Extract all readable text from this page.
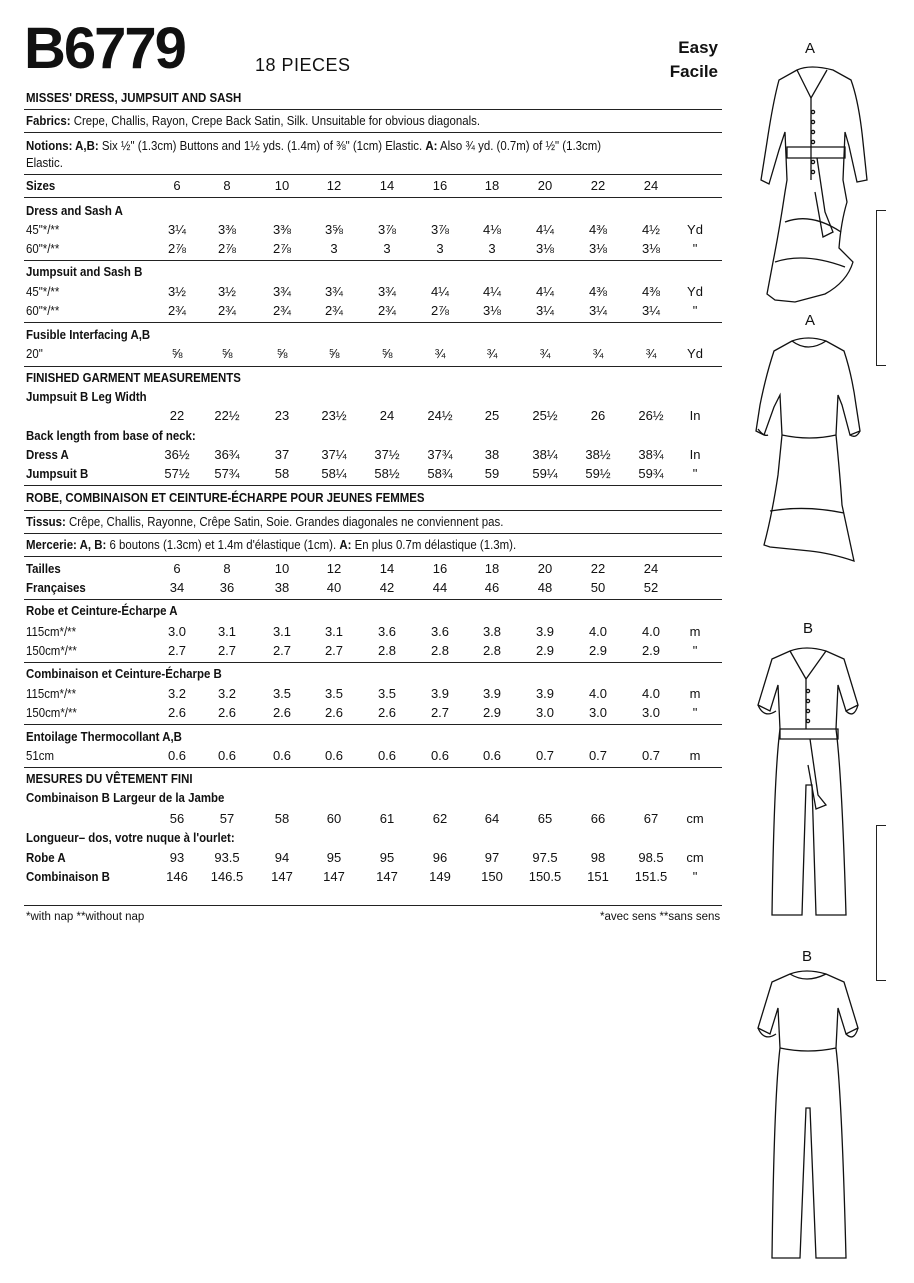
B6779	18 PIECES
Easy
Facile
MISSES' DRESS, JUMPSUIT AND SASH
Fabrics: Crepe, Challis, Rayon, Crepe Back Satin, Silk. Unsuitable for obvious diagonals.
Notions: A,B: Six ½" (1.3cm) Buttons and 1½ yds. (1.4m) of ⅜" (1cm) Elastic. A: Also ¾ yd. (0.7m) of ½" (1.3cm)
Elastic.
Sizes	6	8	10	12	14	16	18	20	22	24
Dress and Sash A
45"*/**	3¼	3⅜	3⅜	3⅝	3⅞	3⅞	4⅛	4¼	4⅜	4½	Yd
60"*/**	2⅞	2⅞	2⅞	3	3	3	3	3⅛	3⅛	3⅛	"
Jumpsuit and Sash B
45"*/**	3½	3½	3¾	3¾	3¾	4¼	4¼	4¼	4⅜	4⅜	Yd
60"*/**	2¾	2¾	2¾	2¾	2¾	2⅞	3⅛	3¼	3¼	3¼	"
Fusible Interfacing A,B
20"	⅝	⅝	⅝	⅝	⅝	¾	¾	¾	¾	¾	Yd
FINISHED GARMENT MEASUREMENTS
Jumpsuit B Leg Width
22	22½	23	23½	24	24½	25	25½	26	26½	In
Back length from base of neck:
Dress A	36½	36¾	37	37¼	37½	37¾	38	38¼	38½	38¾	In
Jumpsuit B	57½	57¾	58	58¼	58½	58¾	59	59¼	59½	59¾	"
ROBE, COMBINAISON ET CEINTURE-ÉCHARPE POUR JEUNES FEMMES
Tissus: Crêpe, Challis, Rayonne, Crêpe Satin, Soie. Grandes diagonales ne conviennent pas.
Mercerie: A, B: 6 boutons (1.3cm) et 1.4m d'élastique (1cm). A: En plus 0.7m délastique (1.3m).
Tailles	6	8	10	12	14	16	18	20	22	24
Françaises	34	36	38	40	42	44	46	48	50	52
Robe et Ceinture-Écharpe A
115cm*/**	3.0	3.1	3.1	3.1	3.6	3.6	3.8	3.9	4.0	4.0	m
150cm*/**	2.7	2.7	2.7	2.7	2.8	2.8	2.8	2.9	2.9	2.9	"
Combinaison et Ceinture-Écharpe B
115cm*/**	3.2	3.2	3.5	3.5	3.5	3.9	3.9	3.9	4.0	4.0	m
150cm*/**	2.6	2.6	2.6	2.6	2.6	2.7	2.9	3.0	3.0	3.0	"
Entoilage Thermocollant A,B
51cm	0.6	0.6	0.6	0.6	0.6	0.6	0.6	0.7	0.7	0.7	m
MESURES DU VÊTEMENT FINI
Combinaison B Largeur de la Jambe
56	57	58	60	61	62	64	65	66	67	cm
Longueur– dos, votre nuque à l'ourlet:
Robe A	93	93.5	94	95	95	96	97	97.5	98	98.5	cm
Combinaison B	146	146.5	147	147	147	149	150	150.5	151	151.5	"
*with nap **without nap	*avec sens **sans sens
A
A
B
B
